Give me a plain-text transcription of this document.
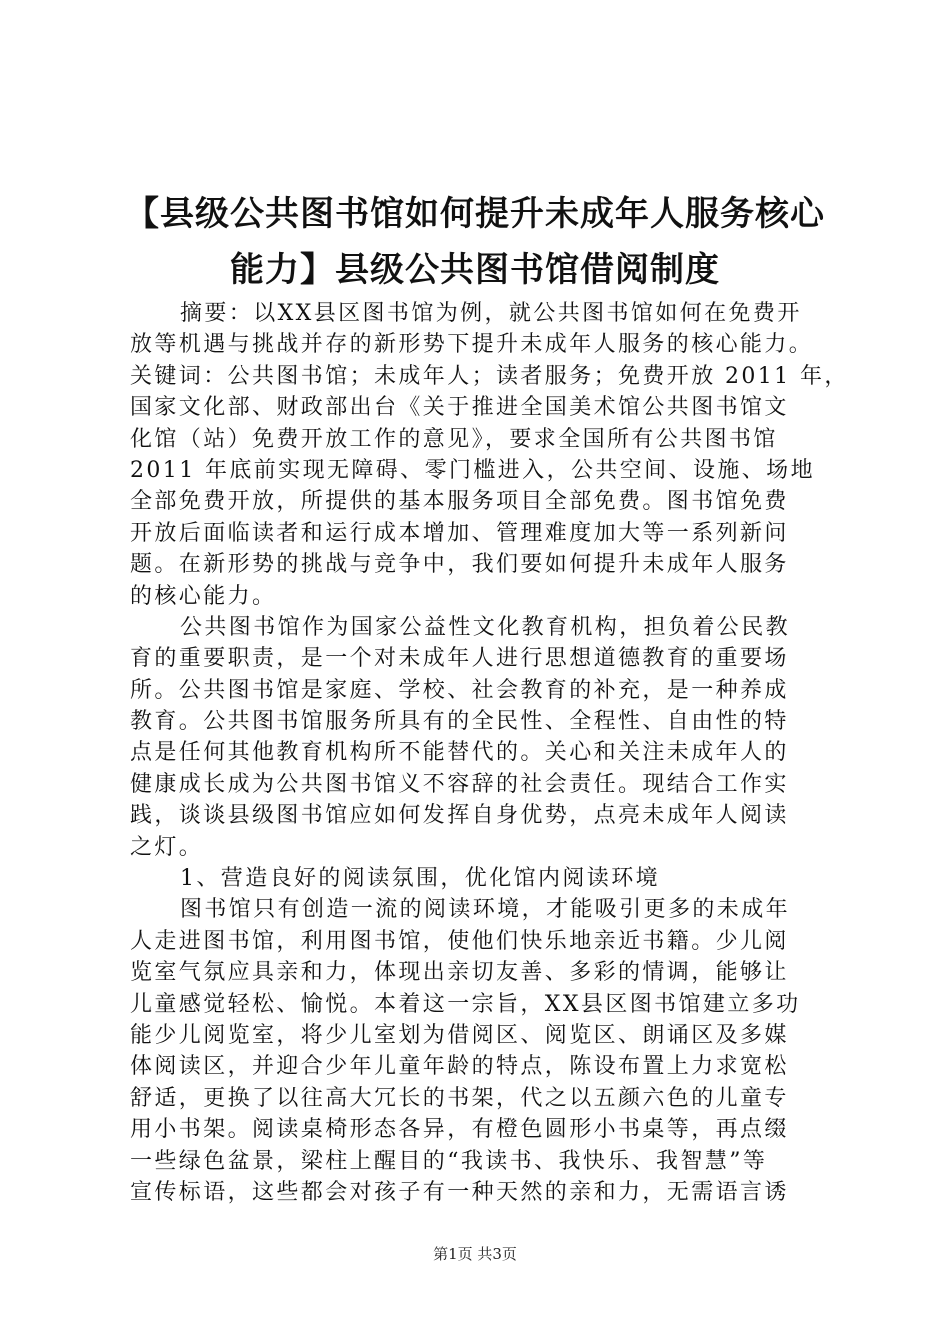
【县级公共图书馆如何提升未成年人服务核心
能力】县级公共图书馆借阅制度
摘要：以XX县区图书馆为例，就公共图书馆如何在免费开
放等机遇与挑战并存的新形势下提升未成年人服务的核心能力。
关键词：公共图书馆；未成年人；读者服务；免费开放 2011 年，
国家文化部、财政部出台《关于推进全国美术馆公共图书馆文
化馆（站）免费开放工作的意见》，要求全国所有公共图书馆
2011 年底前实现无障碍、零门槛进入，公共空间、设施、场地
全部免费开放，所提供的基本服务项目全部免费。图书馆免费
开放后面临读者和运行成本增加、管理难度加大等一系列新问
题。在新形势的挑战与竞争中，我们要如何提升未成年人服务
的核心能力。
公共图书馆作为国家公益性文化教育机构，担负着公民教
育的重要职责，是一个对未成年人进行思想道德教育的重要场
所。公共图书馆是家庭、学校、社会教育的补充，是一种养成
教育。公共图书馆服务所具有的全民性、全程性、自由性的特
点是任何其他教育机构所不能替代的。关心和关注未成年人的
健康成长成为公共图书馆义不容辞的社会责任。现结合工作实
践，谈谈县级图书馆应如何发挥自身优势，点亮未成年人阅读
之灯。
1、营造良好的阅读氛围，优化馆内阅读环境
图书馆只有创造一流的阅读环境，才能吸引更多的未成年
人走进图书馆，利用图书馆，使他们快乐地亲近书籍。少儿阅
览室气氛应具亲和力，体现出亲切友善、多彩的情调，能够让
儿童感觉轻松、愉悦。本着这一宗旨，XX县区图书馆建立多功
能少儿阅览室，将少儿室划为借阅区、阅览区、朗诵区及多媒
体阅读区，并迎合少年儿童年龄的特点，陈设布置上力求宽松
舒适，更换了以往高大冗长的书架，代之以五颜六色的儿童专
用小书架。阅读桌椅形态各异，有橙色圆形小书桌等，再点缀
一些绿色盆景，梁柱上醒目的“我读书、我快乐、我智慧”等
宣传标语，这些都会对孩子有一种天然的亲和力，无需语言诱
第1页 共3页
